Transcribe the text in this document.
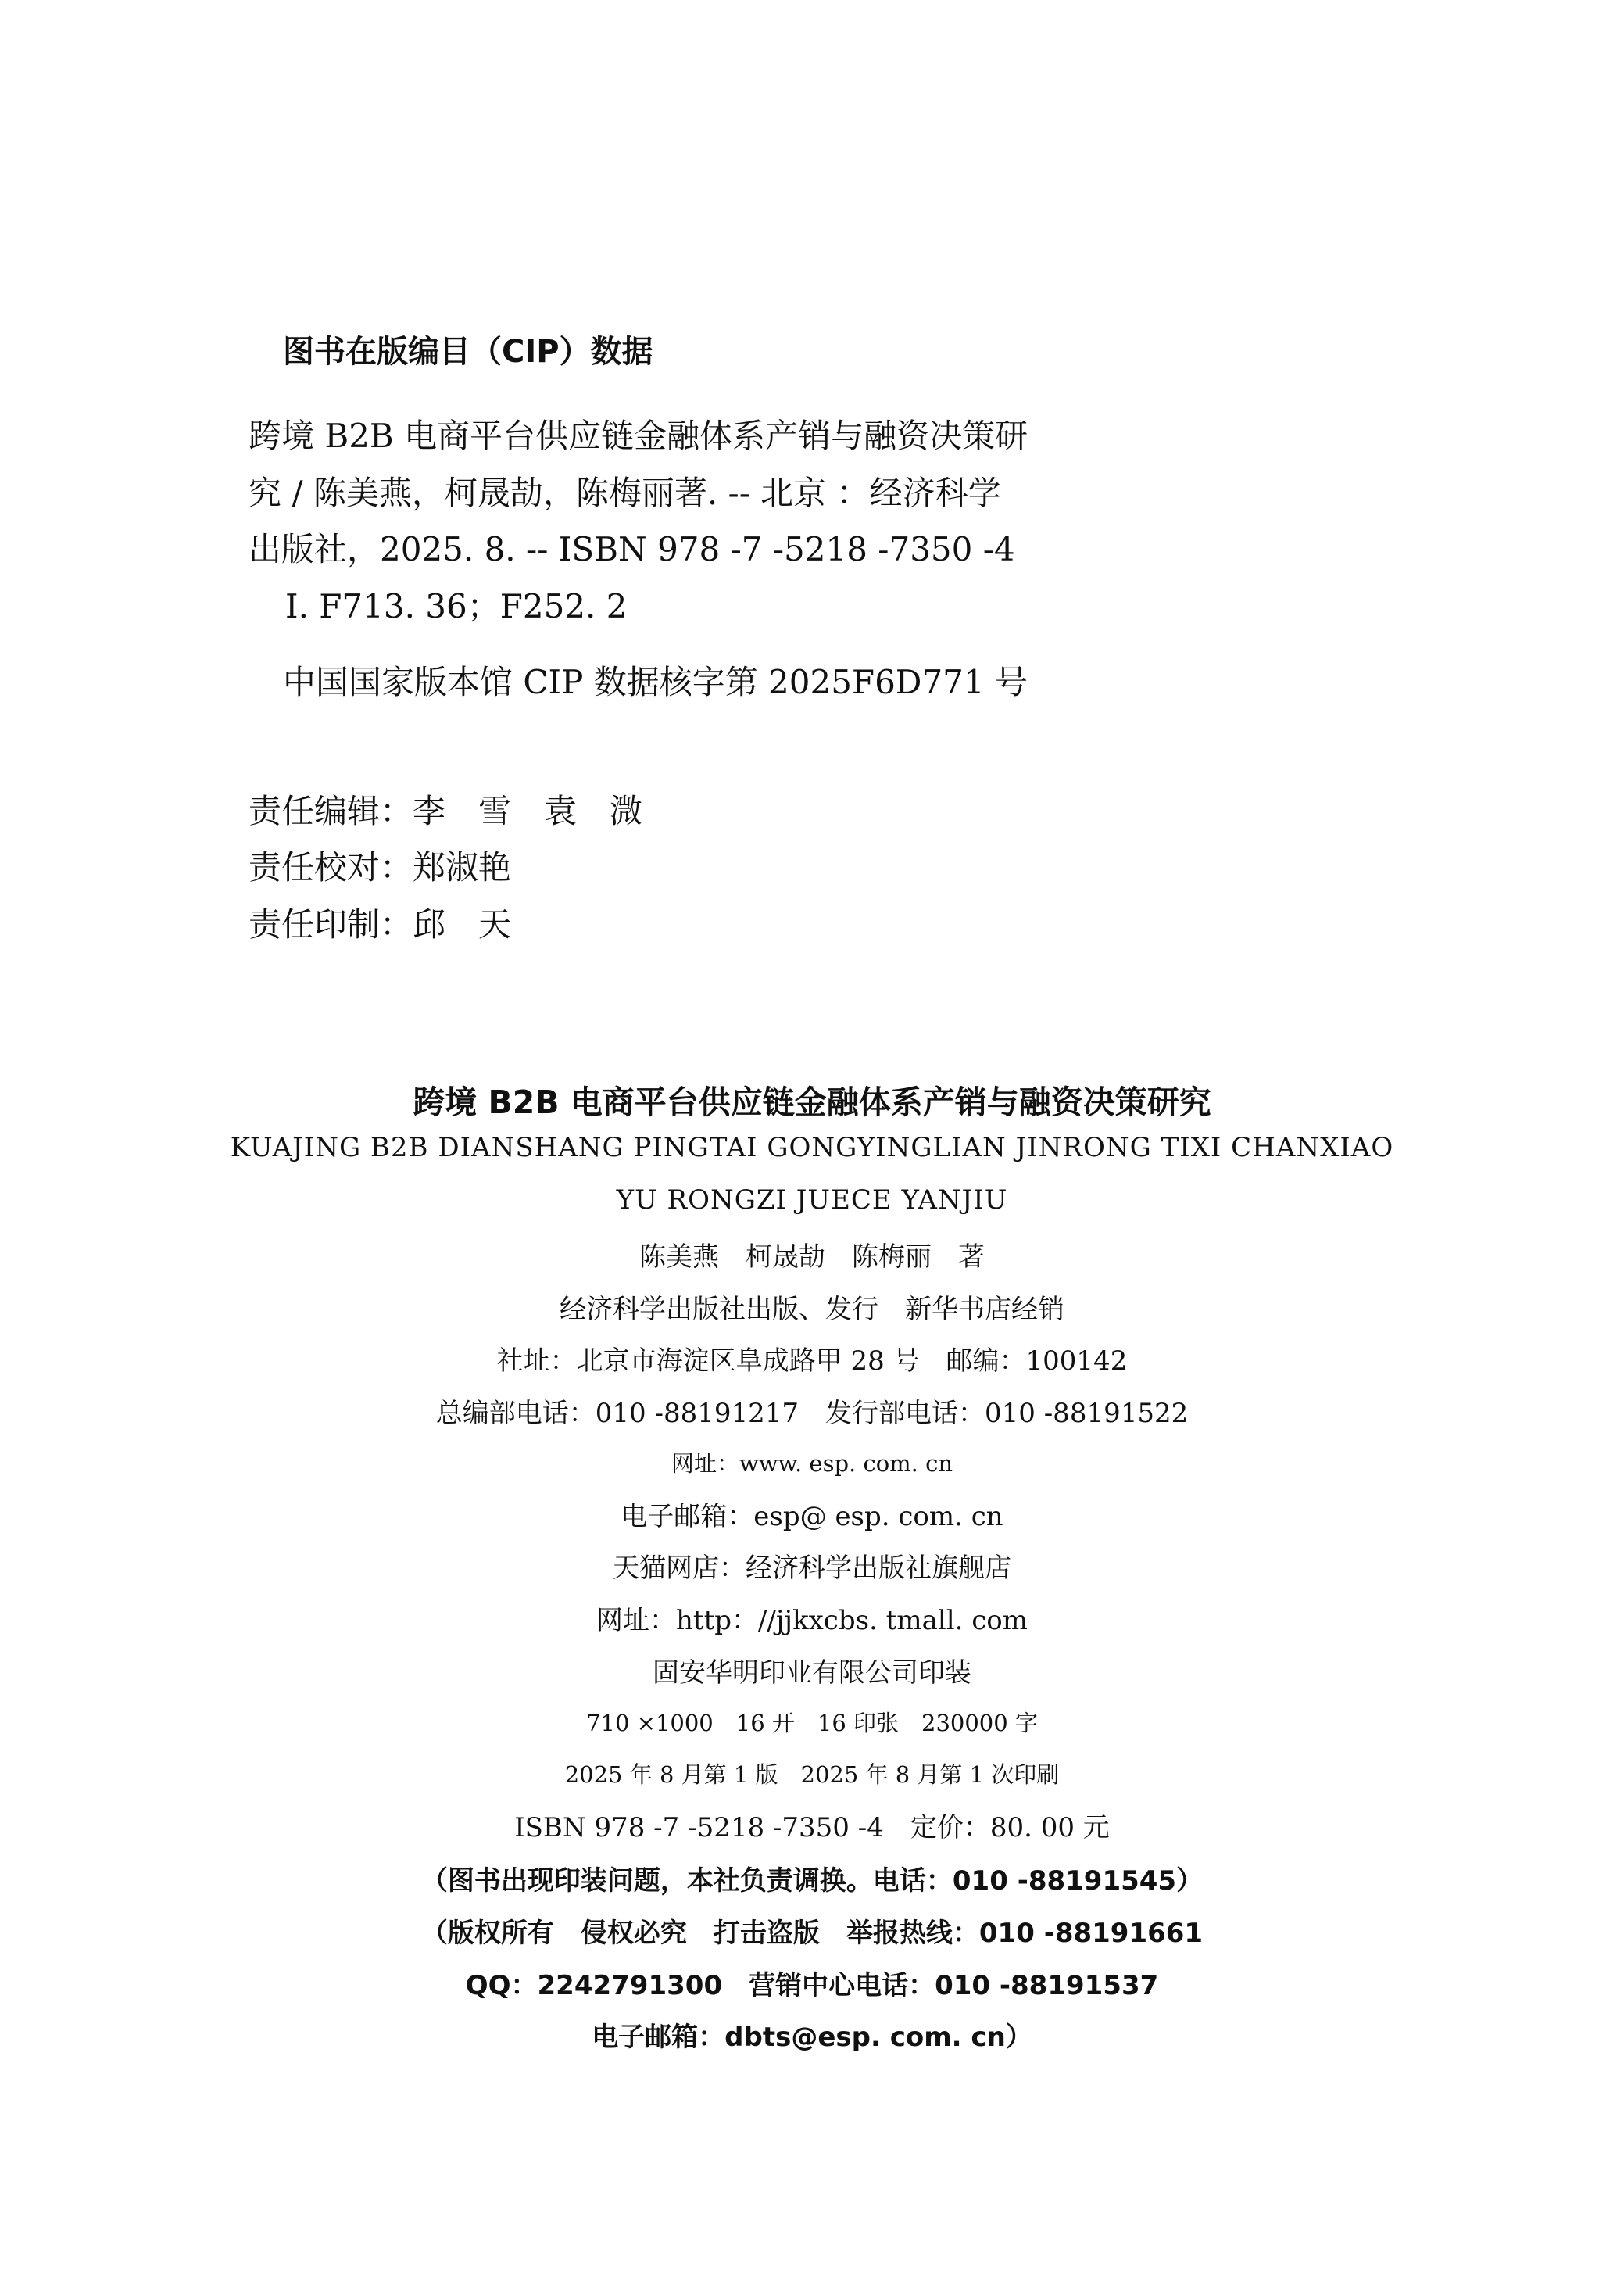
图书在版编目（CIP）数据
跨境 B2B 电商平台供应链金融体系产销与融资决策研
究 / 陈美燕，柯晟劼，陈梅丽著. -- 北京 ：经济科学
出版社，2025. 8. -- ISBN 978 -7 -5218 -7350 -4
Ⅰ. F713. 36；F252. 2
中国国家版本馆 CIP 数据核字第 2025F6D771 号
责任编辑：李　雪　袁　溦
责任校对：郑淑艳
责任印制：邱　天
跨境 B2B 电商平台供应链金融体系产销与融资决策研究
KUAJING B2B DIANSHANG PINGTAI GONGYINGLIAN JINRONG TIXI CHANXIAO
YU RONGZI JUECE YANJIU
陈美燕　柯晟劼　陈梅丽　著
经济科学出版社出版、发行　新华书店经销
社址：北京市海淀区阜成路甲 28 号　邮编：100142
总编部电话：010 -88191217　发行部电话：010 -88191522
网址：www. esp. com. cn
电子邮箱：esp@ esp. com. cn
天猫网店：经济科学出版社旗舰店
网址：http：//jjkxcbs. tmall. com
固安华明印业有限公司印装
710 ×1000　16 开　16 印张　230000 字
2025 年 8 月第 1 版　2025 年 8 月第 1 次印刷
ISBN 978 -7 -5218 -7350 -4　定价：80. 00 元
（图书出现印装问题，本社负责调换。电话：010 -88191545）
（版权所有　侵权必究　打击盗版　举报热线：010 -88191661
QQ：2242791300　营销中心电话：010 -88191537
电子邮箱：dbts@esp. com. cn）
